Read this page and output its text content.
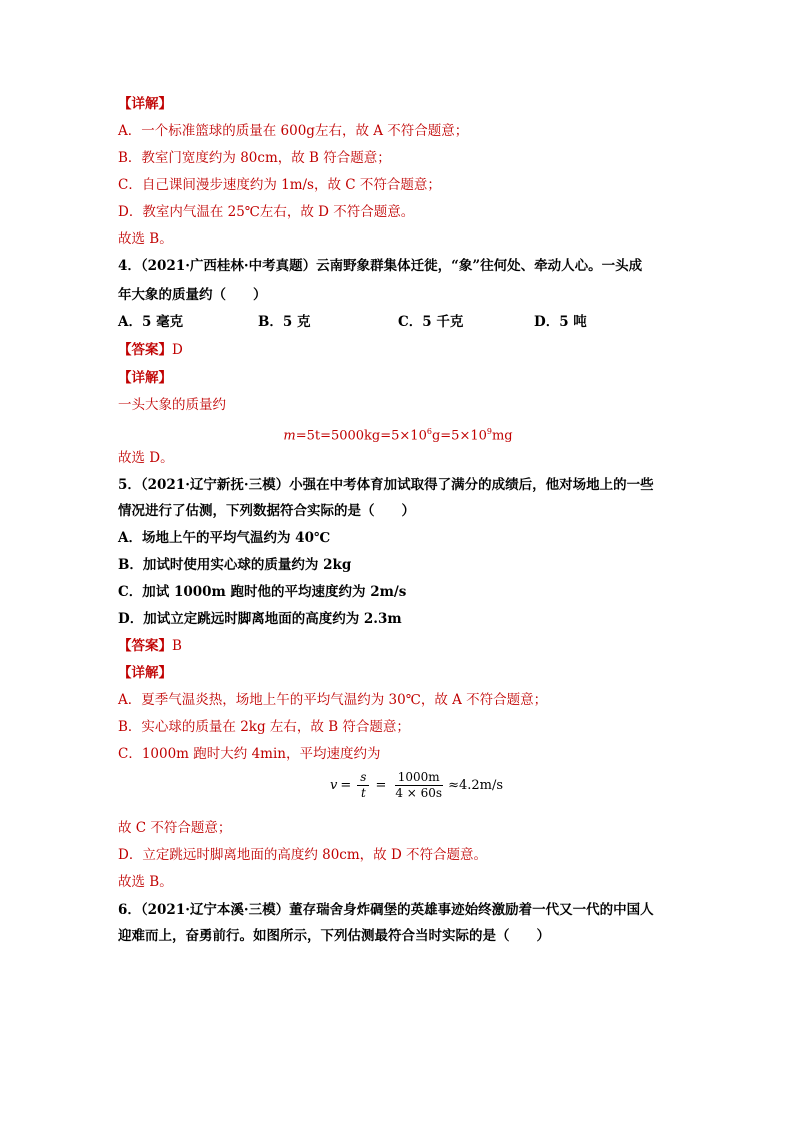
【详解】
A．一个标准篮球的质量在 600g左右，故 A 不符合题意；
B．教室门宽度约为 80cm，故 B 符合题意；
C．自己课间漫步速度约为 1m/s，故 C 不符合题意；
D．教室内气温在 25℃左右，故 D 不符合题意。
故选 B。
4．（2021·广西桂林·中考真题）云南野象群集体迁徙，“象”往何处、牵动人心。一头成
年大象的质量约（　　）
A．5 毫克	B．5 克	C．5 千克	D．5 吨
【答案】D
【详解】
一头大象的质量约
$m=5t=5000kg=5\times 10^6g=5\times 10^9mg$
故选 D。
5．（2021·辽宁新抚·三模）小强在中考体育加试取得了满分的成绩后，他对场地上的一些
情况进行了估测，下列数据符合实际的是（　　）
A．场地上午的平均气温约为 40℃
B．加试时使用实心球的质量约为 2kg
C．加试 1000m 跑时他的平均速度约为 2m/s
D．加试立定跳远时脚离地面的高度约为 2.3m
【答案】B
【详解】
A．夏季气温炎热，场地上午的平均气温约为 30℃，故 A 不符合题意；
B．实心球的质量在 2kg 左右，故 B 符合题意；
C．1000m 跑时大约 4min，平均速度约为
$v = \frac{s}{t} = \frac{1000m}{4 \times 60s} \approx 4.2m/s$
故 C 不符合题意；
D．立定跳远时脚离地面的高度约 80cm，故 D 不符合题意。
故选 B。
6．（2021·辽宁本溪·三模）董存瑞舍身炸碉堡的英雄事迹始终激励着一代又一代的中国人
迎难而上，奋勇前行。如图所示，下列估测最符合当时实际的是（　　）
